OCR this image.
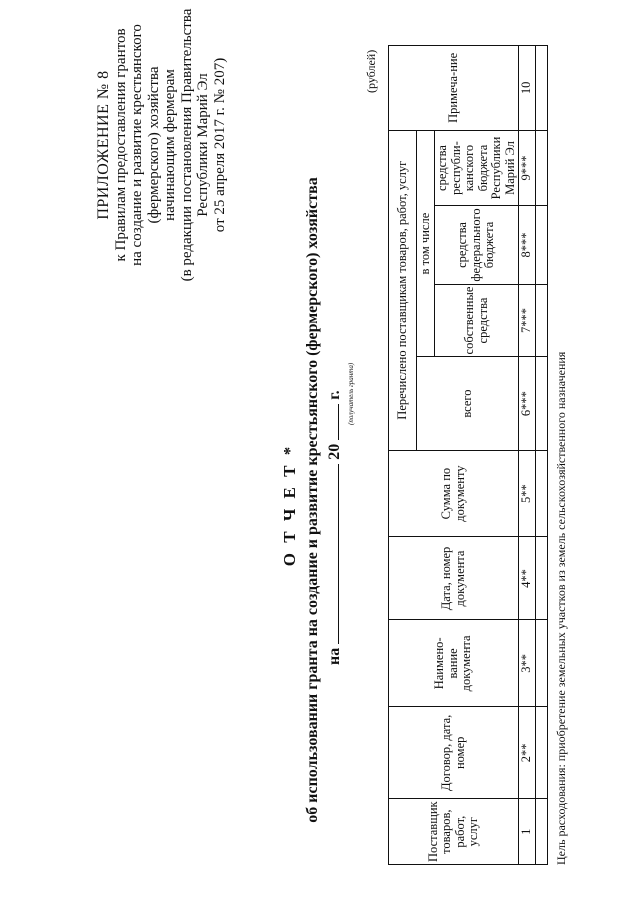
ПРИЛОЖЕНИЕ № 8 к Правилам предоставления грантов на создание и развитие крестьянского (фермерского) хозяйства начинающим фермерам (в редакции постановления Правительства Республики Марий Эл от 25 апреля 2017 г. № 207)
О Т Ч Е Т * об использовании гранта на создание и развитие крестьянского (фермерского) хозяйства на  20  г. (получатель гранта)
(рублей)
Поставщик товаров, работ, услуг	Договор, дата, номер	Наимено-вание документа	Дата, номер документа	Сумма по документу	Перечислено поставщикам товаров, работ, услуг				Примеча-ние
					всего	в том числе			
						собственные средства	средства федерального бюджета	средства республи-канского бюджета Республики Марий Эл	
1	2**	3**	4**	5**	6***	7***	8***	9***	10

Цель расходования: приобретение земельных участков из земель сельскохозяйственного назначения
